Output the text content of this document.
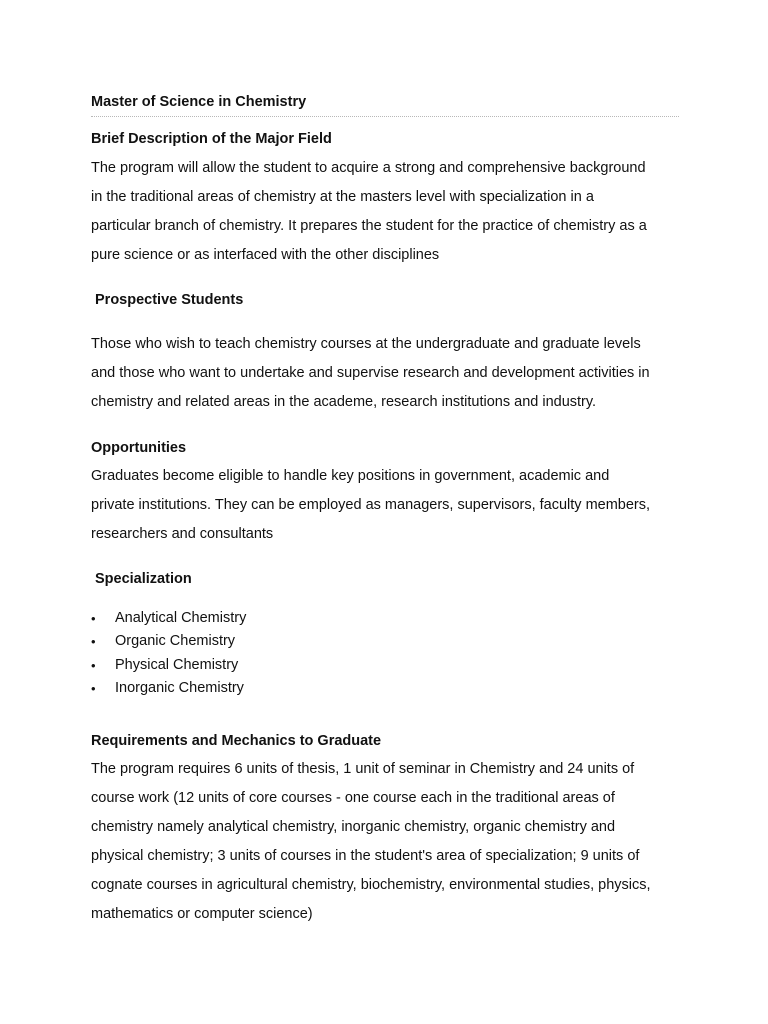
Master of Science in Chemistry
Brief Description of the Major Field
The program will allow the student to acquire a strong and comprehensive background
in the traditional areas of chemistry at the masters level with specialization in a
particular branch of chemistry. It prepares the student for the practice of chemistry as a
pure science or as interfaced with the other disciplines
Prospective Students
Those who wish to teach chemistry courses at the undergraduate and graduate levels
and those who want to undertake and supervise research and development activities in
chemistry and related areas in the academe, research institutions and industry.
Opportunities
Graduates become eligible to handle key positions in government, academic and
private institutions. They can be employed as managers, supervisors, faculty members,
researchers and consultants
Specialization
•	Analytical Chemistry
•	Organic Chemistry
•	Physical Chemistry
•	Inorganic Chemistry
Requirements and Mechanics to Graduate
The program requires 6 units of thesis, 1 unit of seminar in Chemistry and 24 units of
course work (12 units of core courses - one course each in the traditional areas of
chemistry namely analytical chemistry, inorganic chemistry, organic chemistry and
physical chemistry; 3 units of courses in the student's area of specialization; 9 units of
cognate courses in agricultural chemistry, biochemistry, environmental studies, physics,
mathematics or computer science)
